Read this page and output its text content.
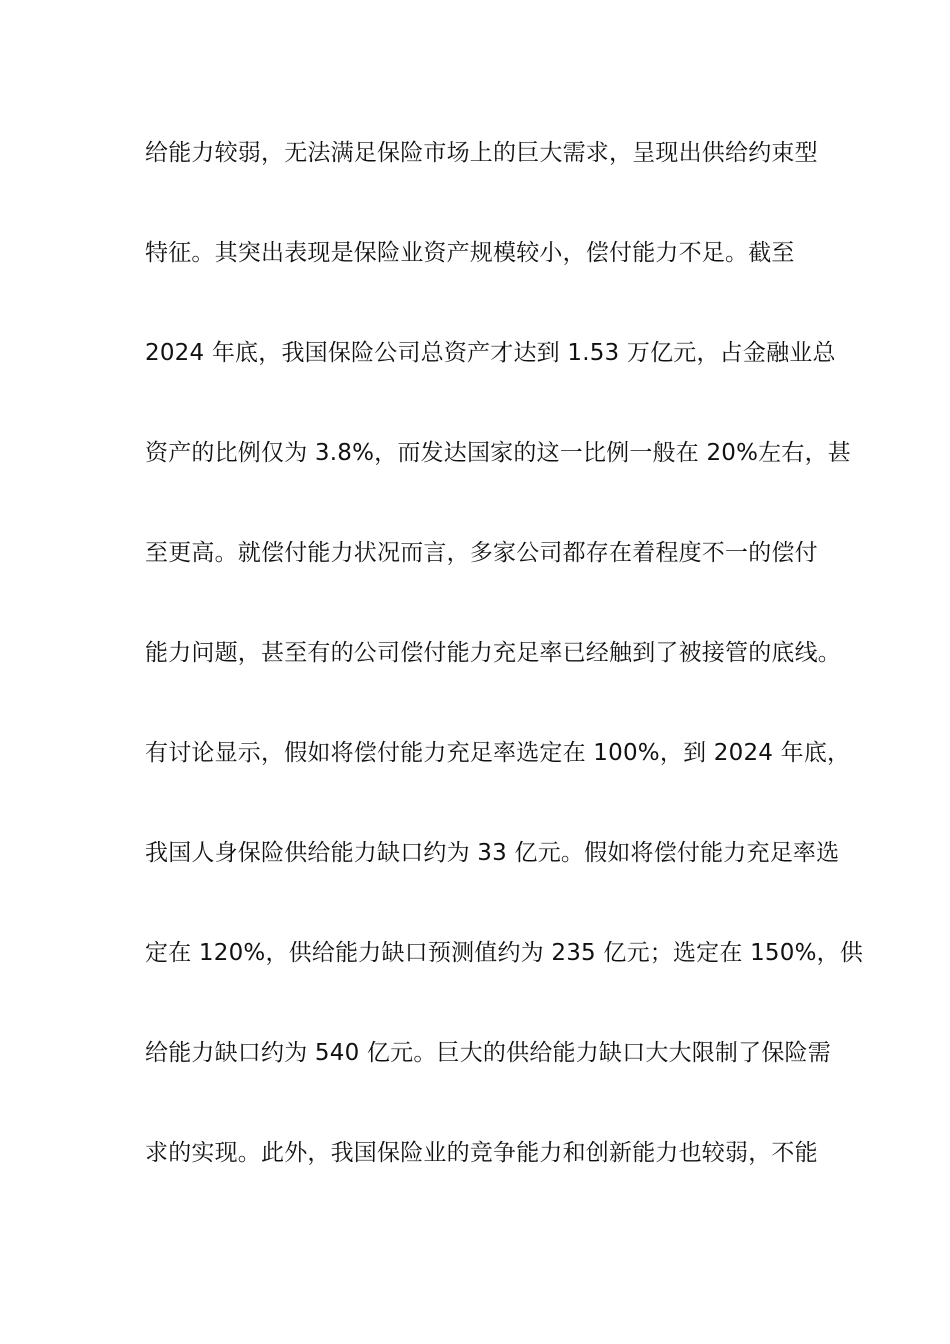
给能力较弱，无法满足保险市场上的巨大需求，呈现出供给约束型
特征。其突出表现是保险业资产规模较小，偿付能力不足。截至
2024 年底，我国保险公司总资产才达到 1.53 万亿元，占金融业总
资产的比例仅为 3.8%，而发达国家的这一比例一般在 20%左右，甚
至更高。就偿付能力状况而言，多家公司都存在着程度不一的偿付
能力问题，甚至有的公司偿付能力充足率已经触到了被接管的底线。
有讨论显示，假如将偿付能力充足率选定在 100%，到 2024 年底，
我国人身保险供给能力缺口约为 33 亿元。假如将偿付能力充足率选
定在 120%，供给能力缺口预测值约为 235 亿元；选定在 150%，供
给能力缺口约为 540 亿元。巨大的供给能力缺口大大限制了保险需
求的实现。此外，我国保险业的竞争能力和创新能力也较弱，不能
